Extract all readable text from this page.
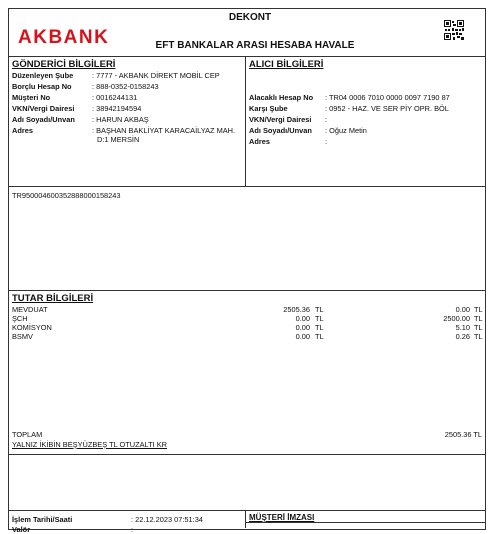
AKBANK
DEKONT
EFT BANKALAR ARASI HESABA HAVALE
GÖNDERİCİ BİLGİLERİ
Düzenleyen Şube	: 7777 - AKBANK DİREKT MOBİL CEP
Borçlu Hesap No	: 888-0352-0158243
Müşteri No	: 0016244131
VKN/Vergi Dairesi : 38942194594
Adı Soyadı/Unvan : HARUN AKBAŞ
Adres	: BAŞHAN BAKLİYAT KARACAİLYAZ MAH.
D:1 MERSİN
ALICI BİLGİLERİ
Alacaklı Hesap No : TR04 0006 7010 0000 0097 7190 87
Karşı Şube	: 0952 - HAZ. VE SER PİY OPR. BÖL
VKN/Vergi Dairesi :
Adı Soyadı/Unvan : Oğuz Metin
Adres	:
TR950004600352888000158243
TUTAR BİLGİLERİ
MEVDUAT	2505.36 TL	0.00 TL
ŞCH	0.00 TL	2500.00 TL
KOMİSYON	0.00 TL	5.10 TL
BSMV	0.00 TL	0.26 TL
TOPLAM	2505.36 TL
YALNIZ İKİBİN BEŞYÜZBEŞ TL OTUZALTI KR
İşlem Tarihi/Saati	: 22.12.2023 07:51:34
Valör	:
MÜŞTERİ İMZASI
